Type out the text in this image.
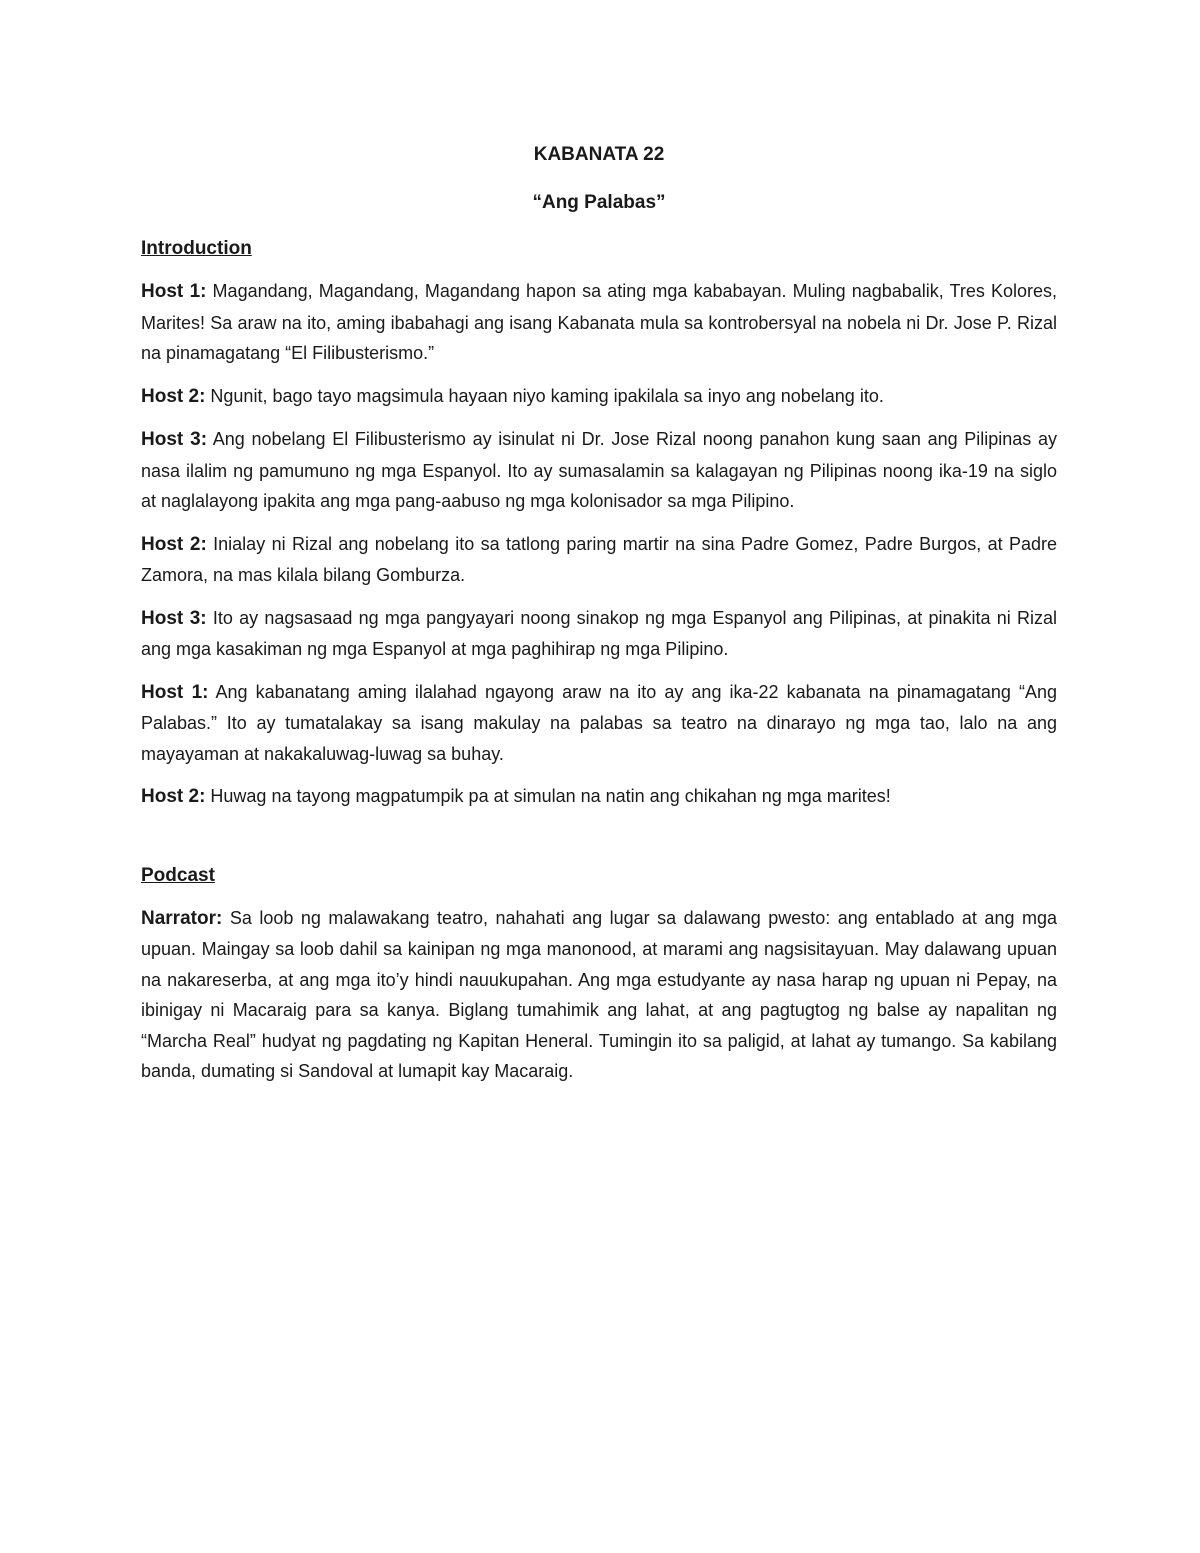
KABANATA 22
“Ang Palabas”
Introduction

Host 1: Magandang, Magandang, Magandang hapon sa ating mga kababayan. Muling nagbabalik, Tres Kolores, Marites! Sa araw na ito, aming ibabahagi ang isang Kabanata mula sa kontrobersyal na nobela ni Dr. Jose P. Rizal na pinamagatang “El Filibusterismo.”

Host 2: Ngunit, bago tayo magsimula hayaan niyo kaming ipakilala sa inyo ang nobelang ito.

Host 3: Ang nobelang El Filibusterismo ay isinulat ni Dr. Jose Rizal noong panahon kung saan ang Pilipinas ay nasa ilalim ng pamumuno ng mga Espanyol. Ito ay sumasalamin sa kalagayan ng Pilipinas noong ika-19 na siglo at naglalayong ipakita ang mga pang-aabuso ng mga kolonisador sa mga Pilipino.

Host 2: Inialay ni Rizal ang nobelang ito sa tatlong paring martir na sina Padre Gomez, Padre Burgos, at Padre Zamora, na mas kilala bilang Gomburza.

Host 3: Ito ay nagsasaad ng mga pangyayari noong sinakop ng mga Espanyol ang Pilipinas, at pinakita ni Rizal ang mga kasakiman ng mga Espanyol at mga paghihirap ng mga Pilipino.

Host 1: Ang kabanatang aming ilalahad ngayong araw na ito ay ang ika-22 kabanata na pinamagatang “Ang Palabas.” Ito ay tumatalakay sa isang makulay na palabas sa teatro na dinarayo ng mga tao, lalo na ang mayayaman at nakakaluwag-luwag sa buhay.

Host 2: Huwag na tayong magpatumpik pa at simulan na natin ang chikahan ng mga marites!

Podcast

Narrator: Sa loob ng malawakang teatro, nahahati ang lugar sa dalawang pwesto: ang entablado at ang mga upuan. Maingay sa loob dahil sa kainipan ng mga manonood, at marami ang nagsisitayuan. May dalawang upuan na nakareserba, at ang mga ito’y hindi nauukupahan. Ang mga estudyante ay nasa harap ng upuan ni Pepay, na ibinigay ni Macaraig para sa kanya. Biglang tumahimik ang lahat, at ang pagtugtog ng balse ay napalitan ng “Marcha Real” hudyat ng pagdating ng Kapitan Heneral. Tumingin ito sa paligid, at lahat ay tumango. Sa kabilang banda, dumating si Sandoval at lumapit kay Macaraig.
